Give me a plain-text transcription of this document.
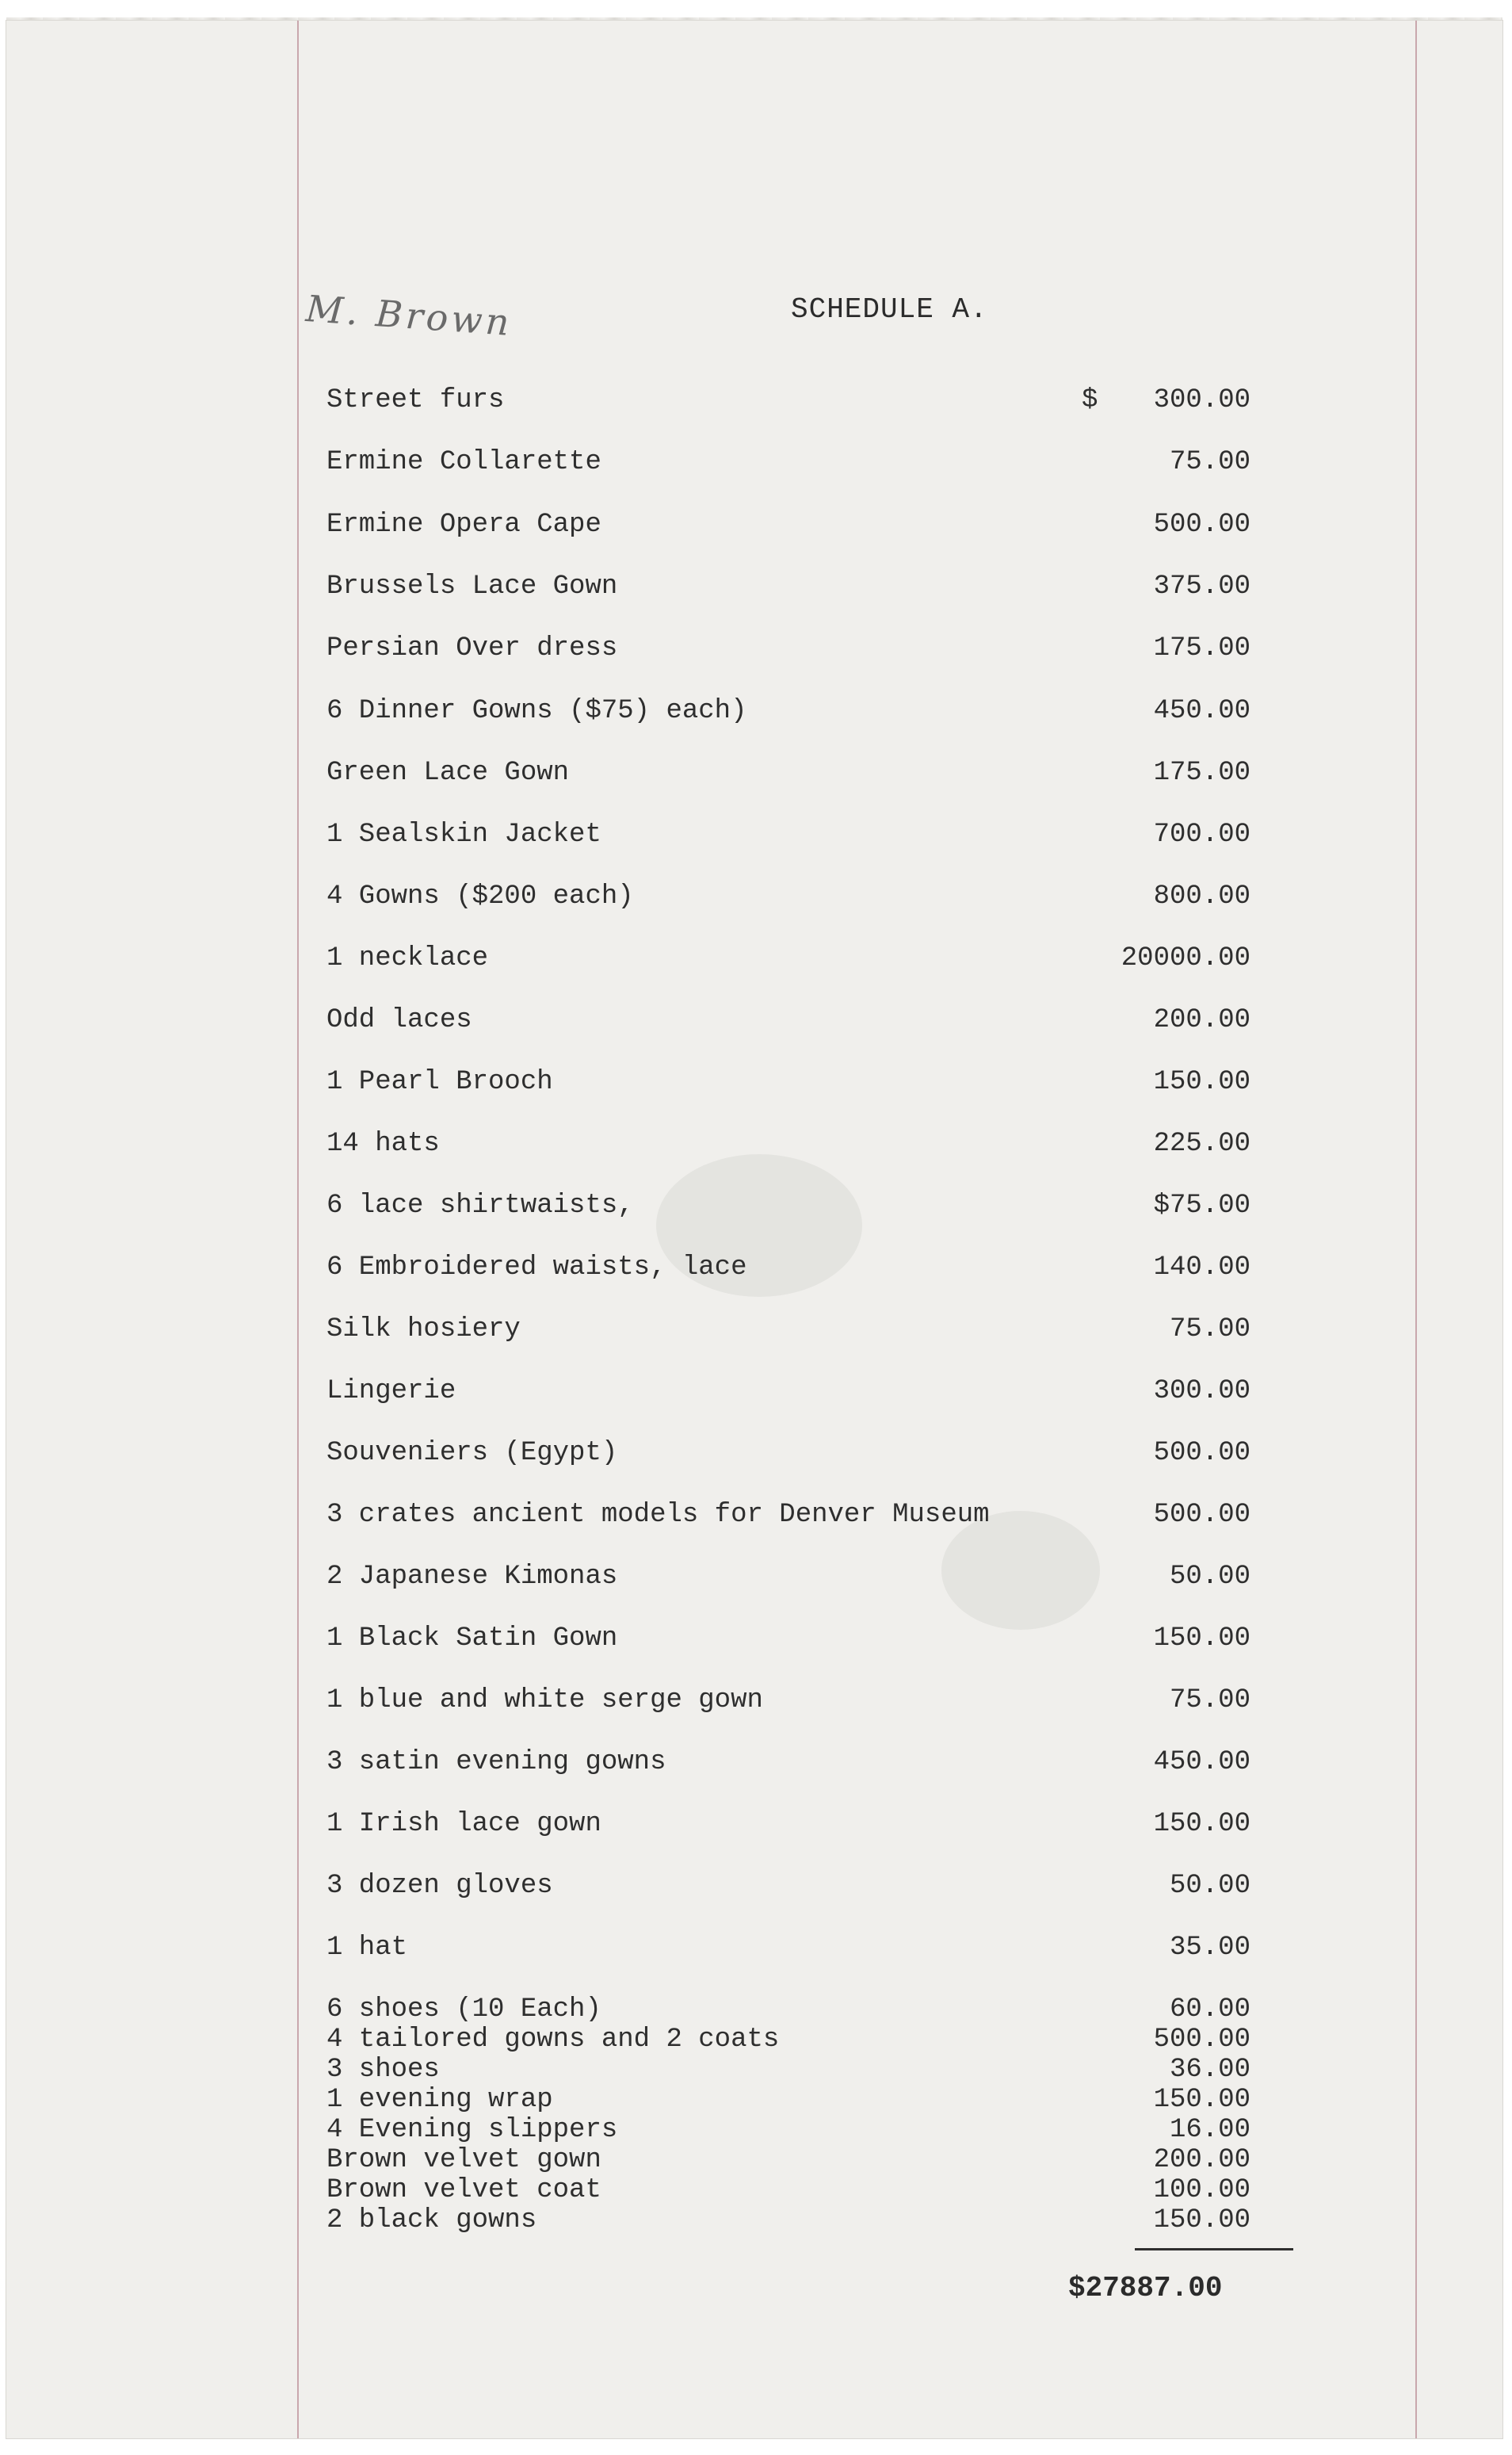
M. Brown	SCHEDULE A.
$
Street furs	300.00
Ermine Collarette	75.00
Ermine Opera Cape	500.00
Brussels Lace Gown	375.00
Persian Over dress	175.00
6 Dinner Gowns ($75) each)	450.00
Green Lace Gown	175.00
1 Sealskin Jacket	700.00
4 Gowns ($200 each)	800.00
1 necklace	20000.00
Odd laces	200.00
1 Pearl Brooch	150.00
14 hats	225.00
6 lace shirtwaists,	$75.00
6 Embroidered waists, lace	140.00
Silk hosiery	75.00
Lingerie	300.00
Souveniers (Egypt)	500.00
3 crates ancient models for Denver Museum	500.00
2 Japanese Kimonas	50.00
1 Black Satin Gown	150.00
1 blue and white serge gown	75.00
3 satin evening gowns	450.00
1 Irish lace gown	150.00
3 dozen gloves	50.00
1 hat	35.00
6 shoes (10 Each)	60.00
4 tailored gowns and 2 coats	500.00
3 shoes	36.00
1 evening wrap	150.00
4 Evening slippers	16.00
Brown velvet gown	200.00
Brown velvet coat	100.00
2 black gowns	150.00
$27887.00
